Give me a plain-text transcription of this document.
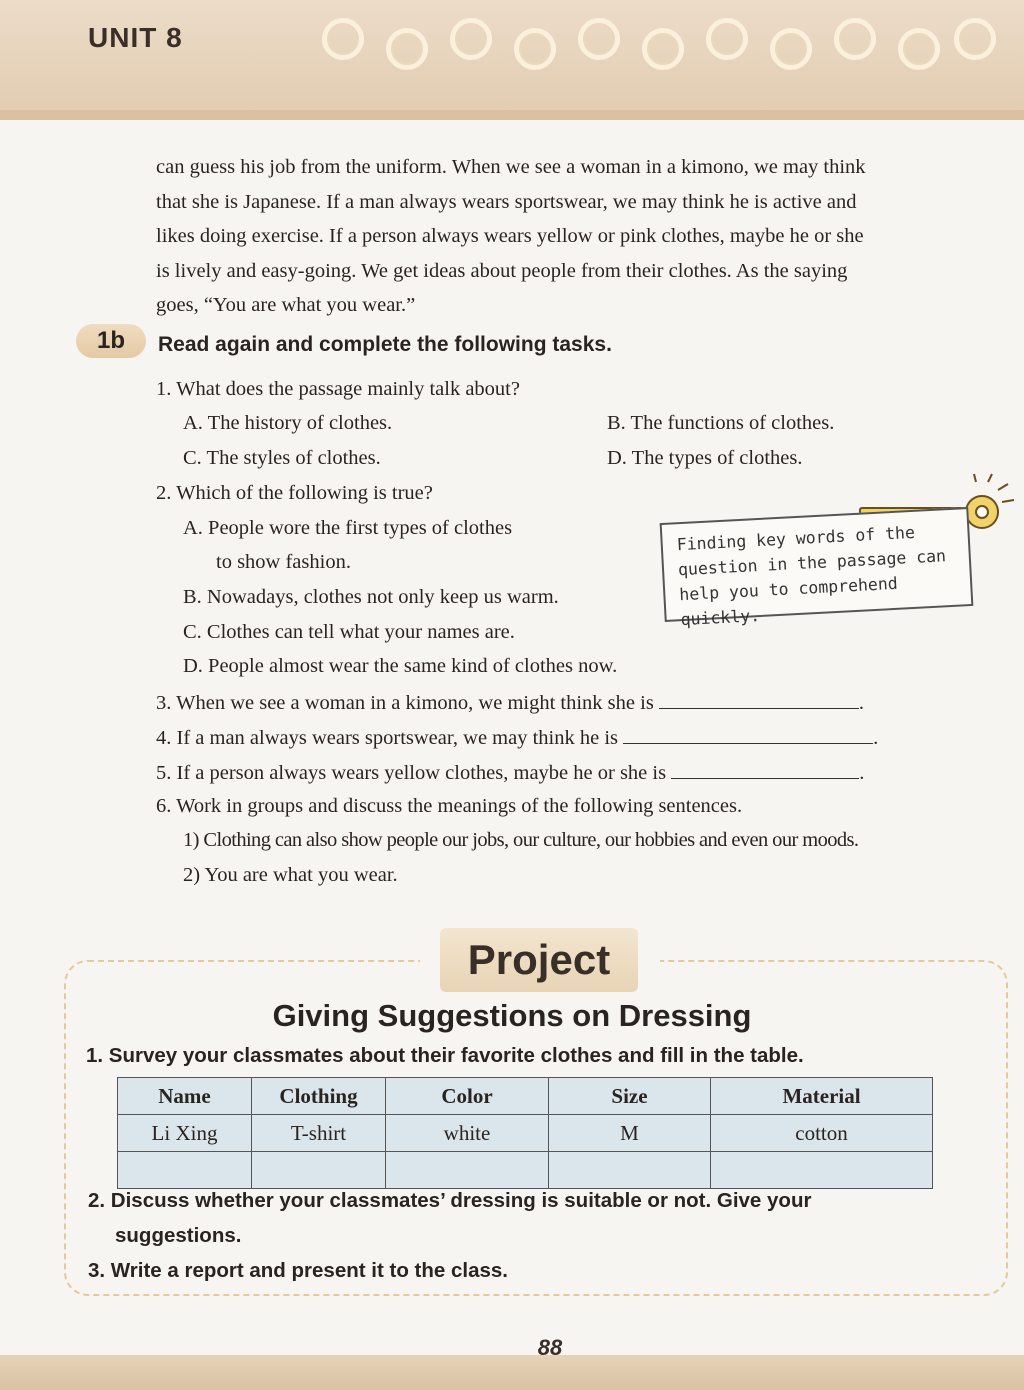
UNIT 8

can guess his job from the uniform. When we see a woman in a kimono, we may think

that she is Japanese. If a man always wears sportswear, we may think he is active and

likes doing exercise. If a person always wears yellow or pink clothes, maybe he or she

is lively and easy-going. We get ideas about people from their clothes. As the saying

goes, “You are what you wear.”

1b	Read again and complete the following tasks.
1. What does the passage mainly talk about?
A. The history of clothes.	B. The functions of clothes.
C. The styles of clothes.	D. The types of clothes.
2. Which of the following is true?
A. People wore the first types of clothes
to show fashion.
B. Nowadays, clothes not only keep us warm.
C. Clothes can tell what your names are.
D. People almost wear the same kind of clothes now.
3. When we see a woman in a kimono, we might think she is	.
4. If a man always wears sportswear, we may think he is	.
5. If a person always wears yellow clothes, maybe he or she is	.
6. Work in groups and discuss the meanings of the following sentences.
1) Clothing can also show people our jobs, our culture, our hobbies and even our moods.
2) You are what you wear.
Finding key words of the
question in the passage can
help you to comprehend quickly.
Project
Giving Suggestions on Dressing
1. Survey your classmates about their favorite clothes and fill in the table.
Name	Clothing	Color	Size	Material
Li Xing	T-shirt	white	M	cotton

2. Discuss whether your classmates’ dressing is suitable or not. Give your
suggestions.
3. Write a report and present it to the class.
88
